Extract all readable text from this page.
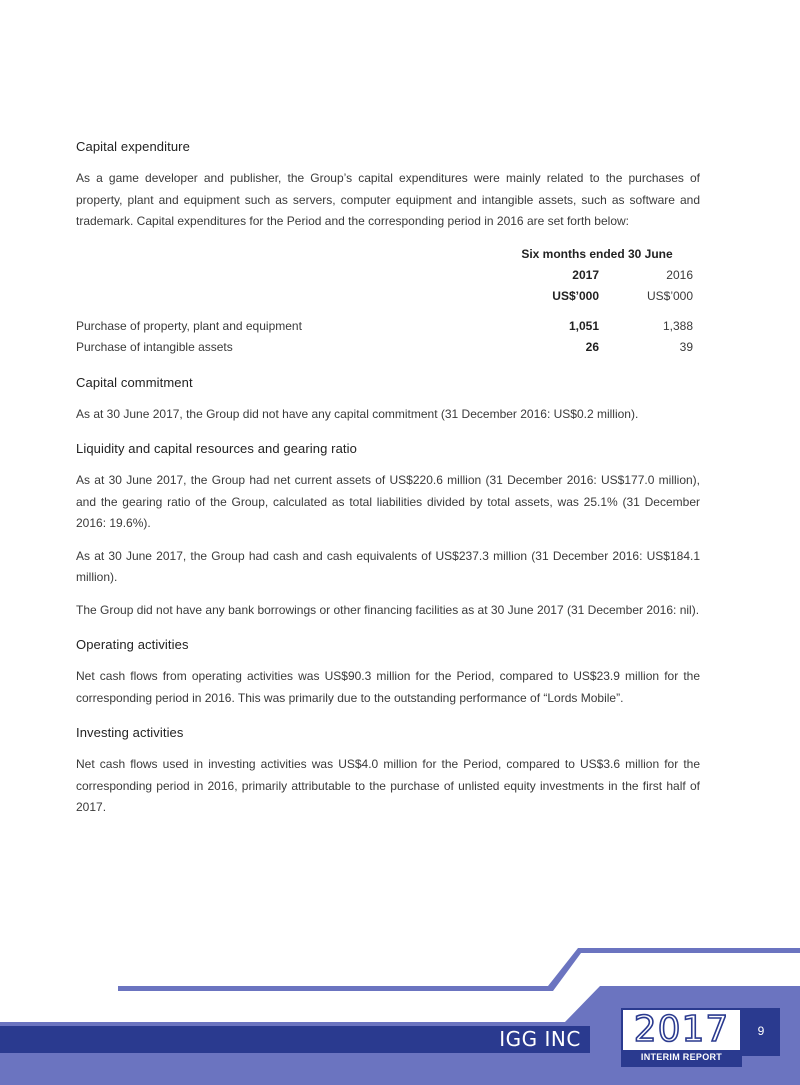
Capital expenditure

As a game developer and publisher, the Group’s capital expenditures were mainly related to the purchases of property, plant and equipment such as servers, computer equipment and intangible assets, such as software and trademark. Capital expenditures for the Period and the corresponding period in 2016 are set forth below:

	Six months ended 30 June	
	2017	2016
	US$’000	US$’000

Purchase of property, plant and equipment	1,051	1,388
Purchase of intangible assets	26	39
Capital commitment

As at 30 June 2017, the Group did not have any capital commitment (31 December 2016: US$0.2 million).

Liquidity and capital resources and gearing ratio

As at 30 June 2017, the Group had net current assets of US$220.6 million (31 December 2016: US$177.0 million), and the gearing ratio of the Group, calculated as total liabilities divided by total assets, was 25.1% (31 December 2016: 19.6%).

As at 30 June 2017, the Group had cash and cash equivalents of US$237.3 million (31 December 2016: US$184.1 million).

The Group did not have any bank borrowings or other financing facilities as at 30 June 2017 (31 December 2016: nil).

Operating activities

Net cash flows from operating activities was US$90.3 million for the Period, compared to US$23.9 million for the corresponding period in 2016. This was primarily due to the outstanding performance of “Lords Mobile”.

Investing activities

Net cash flows used in investing activities was US$4.0 million for the Period, compared to US$3.6 million for the corresponding period in 2016, primarily attributable to the purchase of unlisted equity investments in the first half of 2017.

IGG INC 2017
INTERIM REPORT
9
